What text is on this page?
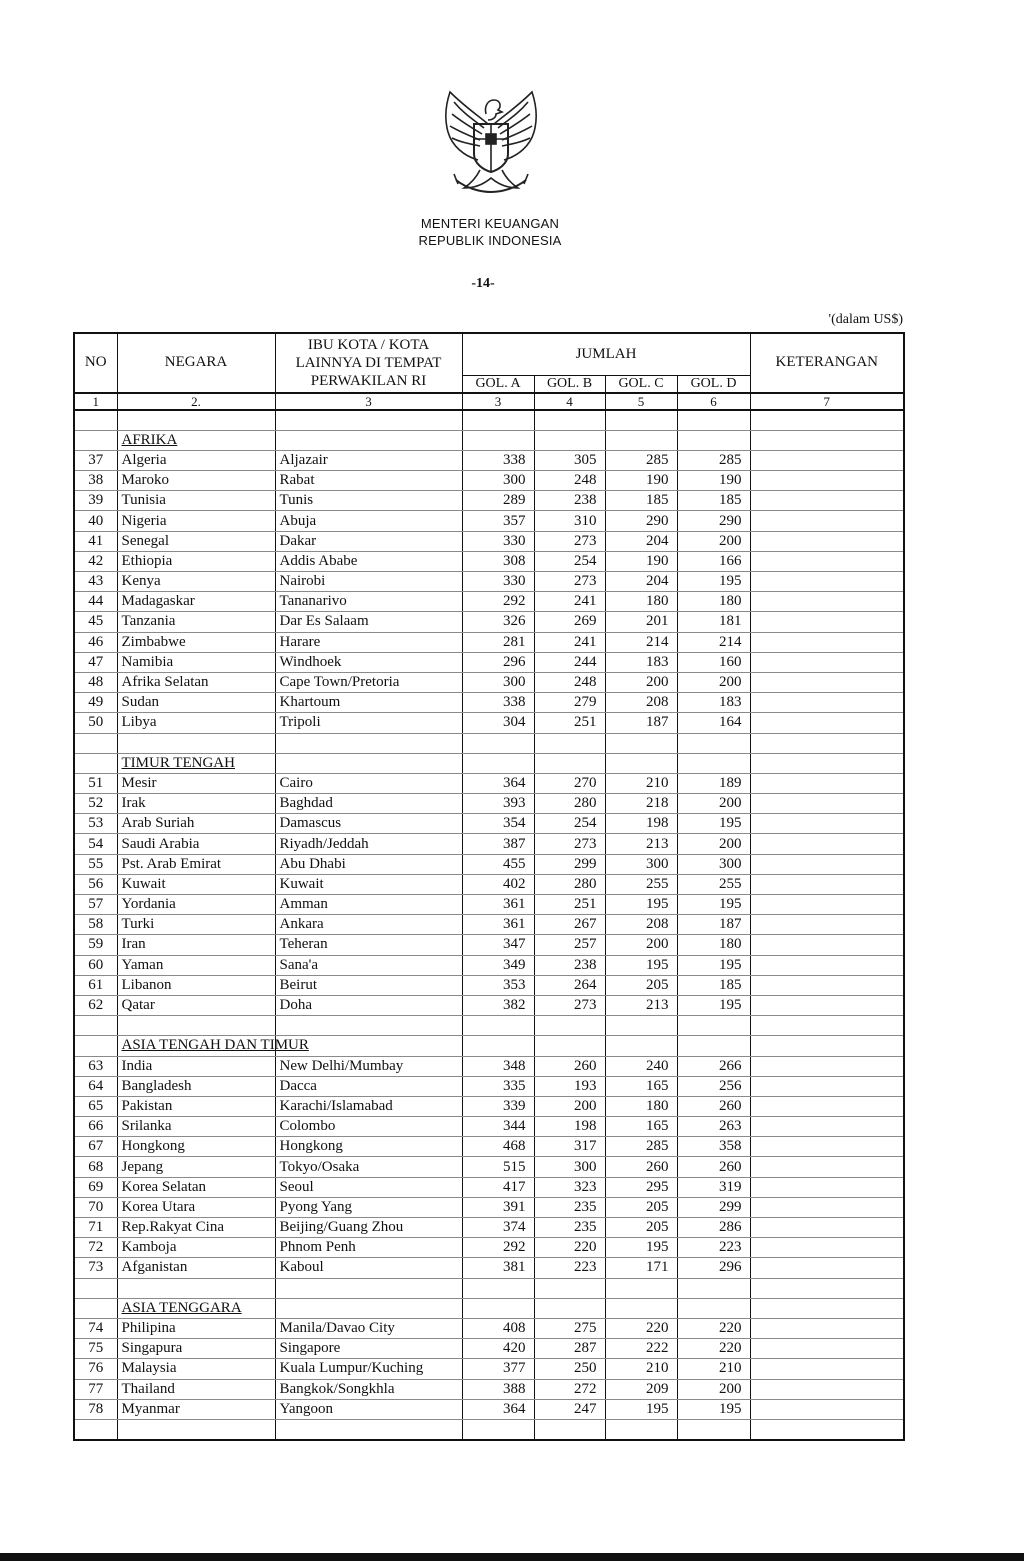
MENTERI KEUANGAN
REPUBLIK INDONESIA
-14-
'(dalam US$)
NO	NEGARA	IBU KOTA / KOTA
LAINNYA DI TEMPAT
PERWAKILAN RI	JUMLAH				KETERANGAN
			GOL. A	GOL. B	GOL. C	GOL. D	
1	2.	3	3	4	5	6	7

	AFRIKA						
37	Algeria	Aljazair	338	305	285	285	
38	Maroko	Rabat	300	248	190	190	
39	Tunisia	Tunis	289	238	185	185	
40	Nigeria	Abuja	357	310	290	290	
41	Senegal	Dakar	330	273	204	200	
42	Ethiopia	Addis Ababe	308	254	190	166	
43	Kenya	Nairobi	330	273	204	195	
44	Madagaskar	Tananarivo	292	241	180	180	
45	Tanzania	Dar Es Salaam	326	269	201	181	
46	Zimbabwe	Harare	281	241	214	214	
47	Namibia	Windhoek	296	244	183	160	
48	Afrika Selatan	Cape Town/Pretoria	300	248	200	200	
49	Sudan	Khartoum	338	279	208	183	
50	Libya	Tripoli	304	251	187	164	

	TIMUR TENGAH						
51	Mesir	Cairo	364	270	210	189	
52	Irak	Baghdad	393	280	218	200	
53	Arab Suriah	Damascus	354	254	198	195	
54	Saudi Arabia	Riyadh/Jeddah	387	273	213	200	
55	Pst. Arab Emirat	Abu Dhabi	455	299	300	300	
56	Kuwait	Kuwait	402	280	255	255	
57	Yordania	Amman	361	251	195	195	
58	Turki	Ankara	361	267	208	187	
59	Iran	Teheran	347	257	200	180	
60	Yaman	Sana'a	349	238	195	195	
61	Libanon	Beirut	353	264	205	185	
62	Qatar	Doha	382	273	213	195	

	ASIA TENGAH DAN TIMUR						
63	India	New Delhi/Mumbay	348	260	240	266	
64	Bangladesh	Dacca	335	193	165	256	
65	Pakistan	Karachi/Islamabad	339	200	180	260	
66	Srilanka	Colombo	344	198	165	263	
67	Hongkong	Hongkong	468	317	285	358	
68	Jepang	Tokyo/Osaka	515	300	260	260	
69	Korea Selatan	Seoul	417	323	295	319	
70	Korea Utara	Pyong Yang	391	235	205	299	
71	Rep.Rakyat Cina	Beijing/Guang Zhou	374	235	205	286	
72	Kamboja	Phnom Penh	292	220	195	223	
73	Afganistan	Kaboul	381	223	171	296	

	ASIA TENGGARA						
74	Philipina	Manila/Davao City	408	275	220	220	
75	Singapura	Singapore	420	287	222	220	
76	Malaysia	Kuala Lumpur/Kuching	377	250	210	210	
77	Thailand	Bangkok/Songkhla	388	272	209	200	
78	Myanmar	Yangoon	364	247	195	195	
